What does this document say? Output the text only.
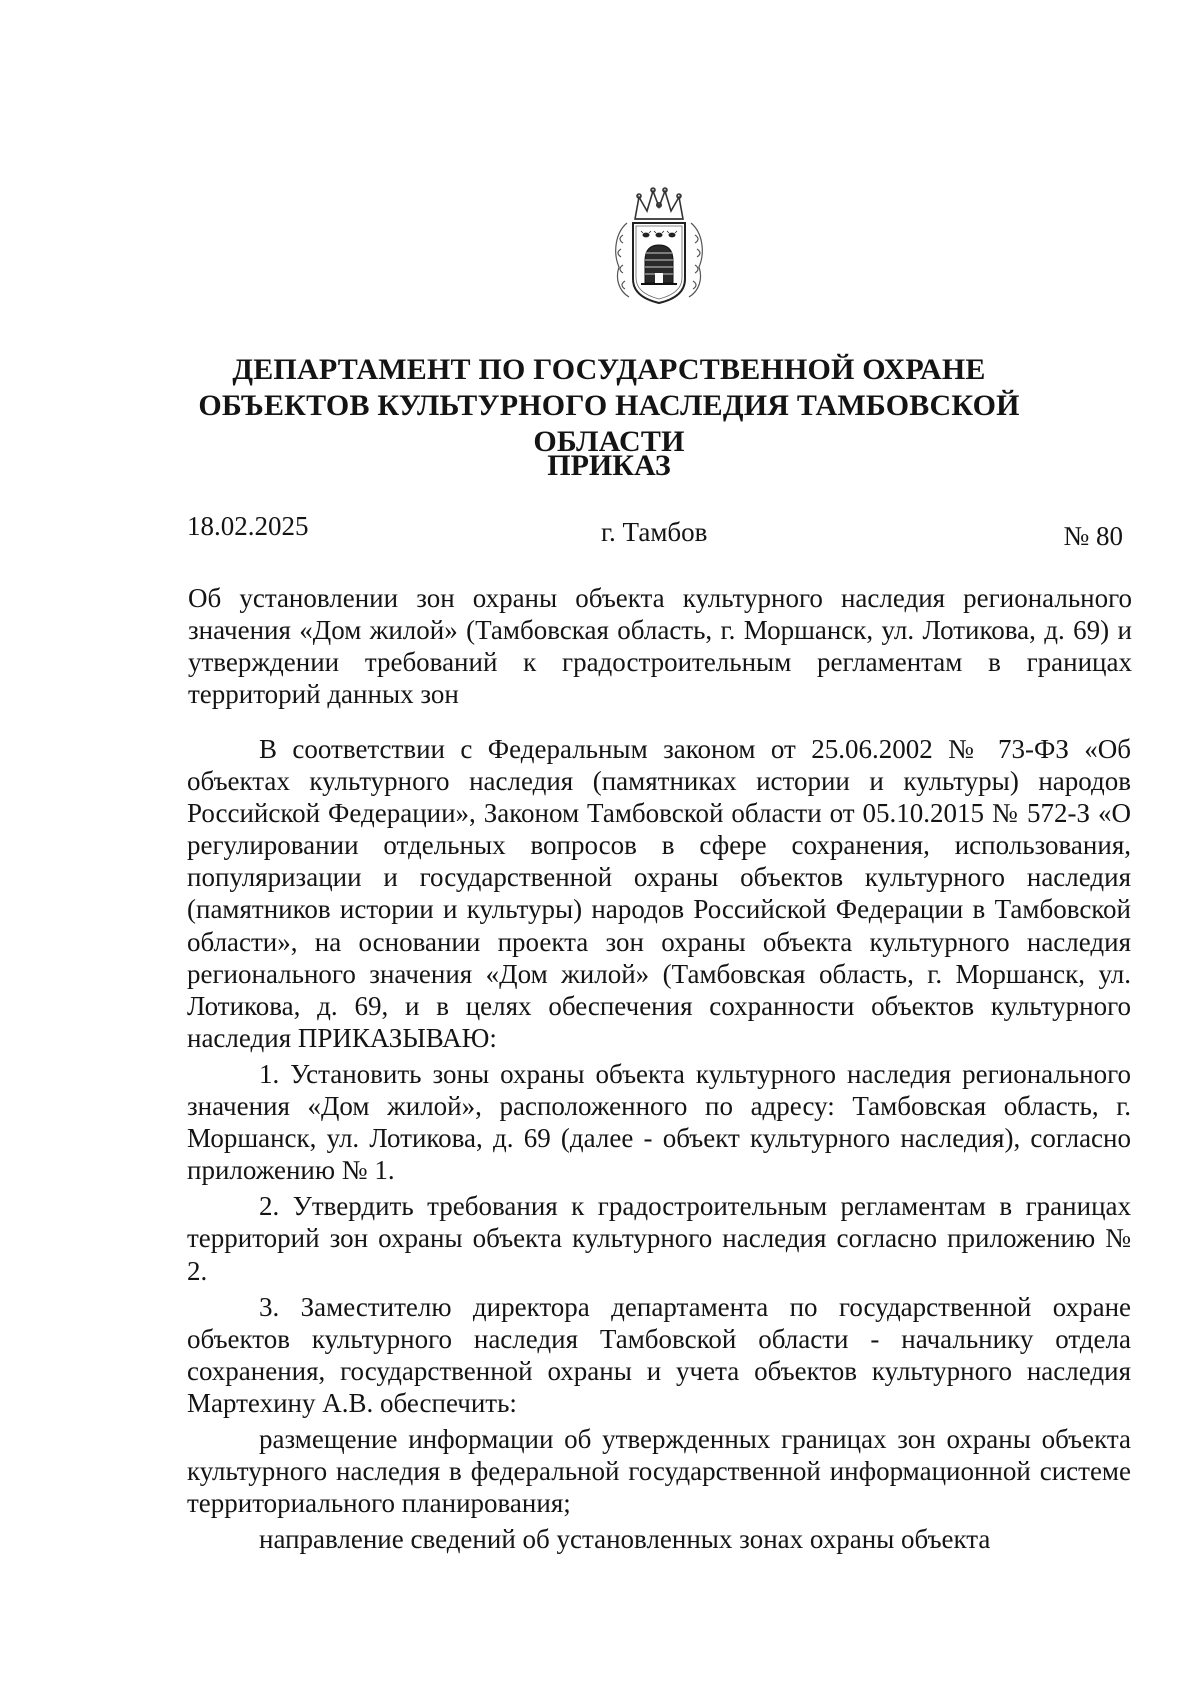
ДЕПАРТАМЕНТ ПО ГОСУДАРСТВЕННОЙ ОХРАНЕ ОБЪЕКТОВ КУЛЬТУРНОГО НАСЛЕДИЯ ТАМБОВСКОЙ ОБЛАСТИ
ПРИКАЗ
18.02.2025	г. Тамбов	№ 80
Об установлении зон охраны объекта культурного наследия регионального значения «Дом жилой» (Тамбовская область, г. Моршанск, ул. Лотикова, д. 69) и утверждении требований к градостроительным регламентам в границах территорий данных зон

В соответствии с Федеральным законом от 25.06.2002 № 73-ФЗ «Об объектах культурного наследия (памятниках истории и культуры) народов Российской Федерации», Законом Тамбовской области от 05.10.2015 № 572-З «О регулировании отдельных вопросов в сфере сохранения, использования, популяризации и государственной охраны объектов культурного наследия (памятников истории и культуры) народов Российской Федерации в Тамбовской области», на основании проекта зон охраны объекта культурного наследия регионального значения «Дом жилой» (Тамбовская область, г. Моршанск, ул. Лотикова, д. 69, и в целях обеспечения сохранности объектов культурного наследия ПРИКАЗЫВАЮ:

1. Установить зоны охраны объекта культурного наследия регионального значения «Дом жилой», расположенного по адресу: Тамбовская область, г. Моршанск, ул. Лотикова, д. 69 (далее - объект культурного наследия), согласно приложению № 1.

2. Утвердить требования к градостроительным регламентам в границах территорий зон охраны объекта культурного наследия согласно приложению № 2.

3. Заместителю директора департамента по государственной охране объектов культурного наследия Тамбовской области - начальнику отдела сохранения, государственной охраны и учета объектов культурного наследия Мартехину А.В. обеспечить:

размещение информации об утвержденных границах зон охраны объекта культурного наследия в федеральной государственной информационной системе территориального планирования;

направление сведений об установленных зонах охраны объекта
